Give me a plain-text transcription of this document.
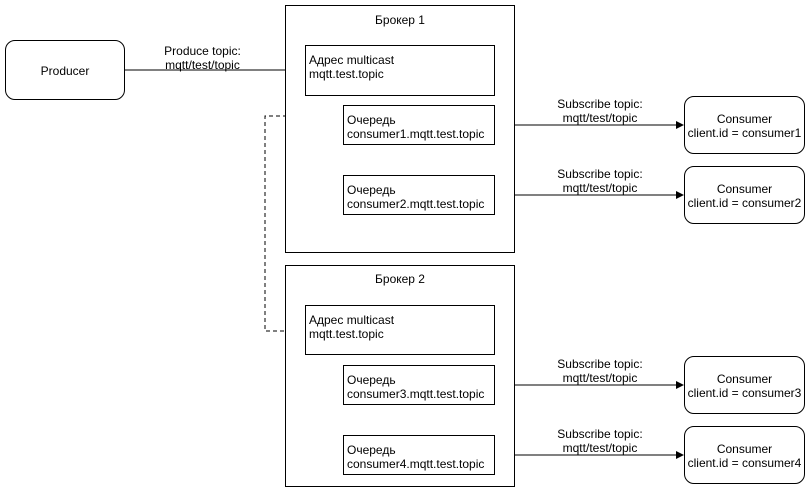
Producer
Produce topic:
mqtt/test/topic
Брокер 1
Адрес multicast
mqtt.test.topic
Очередь
consumer1.mqtt.test.topic
Очередь
consumer2.mqtt.test.topic
Брокер 2
Адрес multicast
mqtt.test.topic
Очередь
consumer3.mqtt.test.topic
Очередь
consumer4.mqtt.test.topic
Subscribe topic:
mqtt/test/topic
Subscribe topic:
mqtt/test/topic
Subscribe topic:
mqtt/test/topic
Subscribe topic:
mqtt/test/topic
Consumer
client.id = consumer1
Consumer
client.id = consumer2
Consumer
client.id = consumer3
Consumer
client.id = consumer4
